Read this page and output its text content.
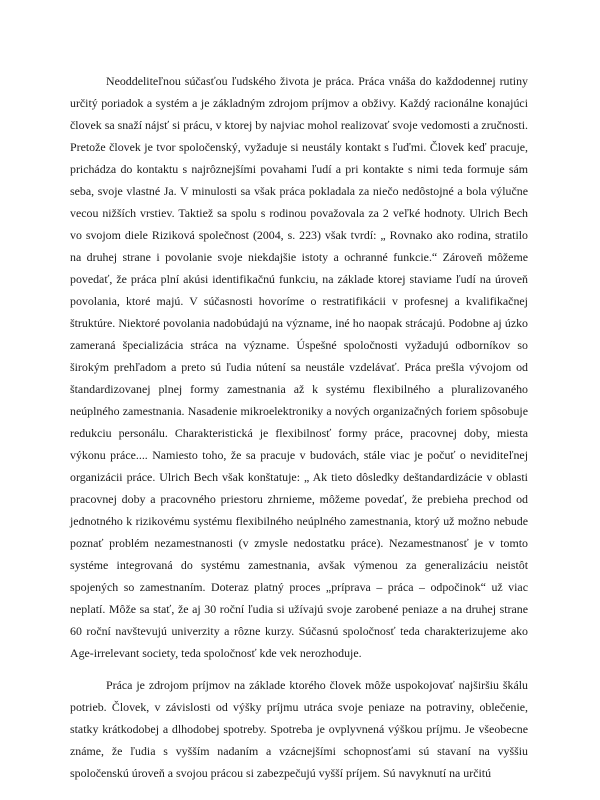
Neoddeliteľnou súčasťou ľudského života je práca. Práca vnáša do každodennej rutiny určitý poriadok a systém a je základným zdrojom príjmov a obživy. Každý racionálne konajúci človek sa snaží nájsť si prácu, v ktorej by najviac mohol realizovať svoje vedomosti a zručnosti. Pretože človek je tvor spoločenský, vyžaduje si neustály kontakt s ľuďmi. Človek keď pracuje, prichádza do kontaktu s najrôznejšími povahami ľudí a pri kontakte s nimi teda formuje sám seba, svoje vlastné Ja. V minulosti sa však práca pokladala za niečo nedôstojné a bola výlučne vecou nižších vrstiev. Taktiež sa spolu s rodinou považovala za 2 veľké hodnoty. Ulrich Bech vo svojom diele Riziková společnost (2004, s. 223) však tvrdí: „ Rovnako ako rodina, stratilo na druhej strane i povolanie svoje niekdajšie istoty a ochranné funkcie.“ Zároveň môžeme povedať, že práca plní akúsi identifikačnú funkciu, na základe ktorej staviame ľudí na úroveň povolania, ktoré majú. V súčasnosti hovoríme o restratifikácii v profesnej a kvalifikačnej štruktúre. Niektoré povolania nadobúdajú na význame, iné ho naopak strácajú. Podobne aj úzko zameraná špecializácia stráca na význame. Úspešné spoločnosti vyžadujú odborníkov so širokým prehľadom a preto sú ľudia nútení sa neustále vzdelávať. Práca prešla vývojom od štandardizovanej plnej formy zamestnania až k systému flexibilného a pluralizovaného neúplného zamestnania. Nasadenie mikroelektroniky a nových organizačných foriem spôsobuje redukciu personálu. Charakteristická je flexibilnosť formy práce, pracovnej doby, miesta výkonu práce.... Namiesto toho, že sa pracuje v budovách, stále viac je počuť o neviditeľnej organizácii práce. Ulrich Bech však konštatuje: „ Ak tieto dôsledky deštandardizácie v oblasti pracovnej doby a pracovného priestoru zhrnieme, môžeme povedať, že prebieha prechod od jednotného k rizikovému systému flexibilného neúplného zamestnania, ktorý už možno nebude poznať problém nezamestnanosti (v zmysle nedostatku práce). Nezamestnanosť je v tomto systéme integrovaná do systému zamestnania, avšak výmenou za generalizáciu neistôt spojených so zamestnaním. Doteraz platný proces „príprava – práca – odpočinok“ už viac neplatí. Môže sa stať, že aj 30 roční ľudia si užívajú svoje zarobené peniaze a na druhej strane 60 roční navštevujú univerzity a rôzne kurzy. Súčasnú spoločnosť teda charakterizujeme ako Age-irrelevant society, teda spoločnosť kde vek nerozhoduje.

Práca je zdrojom príjmov na základe ktorého človek môže uspokojovať najširšiu škálu potrieb. Človek, v závislosti od výšky príjmu utráca svoje peniaze na potraviny, oblečenie, statky krátkodobej a dlhodobej spotreby. Spotreba je ovplyvnená výškou príjmu. Je všeobecne známe, že ľudia s vyšším nadaním a vzácnejšími schopnosťami sú stavaní na vyššiu spoločenskú úroveň a svojou prácou si zabezpečujú vyšší príjem. Sú navyknutí na určitú
